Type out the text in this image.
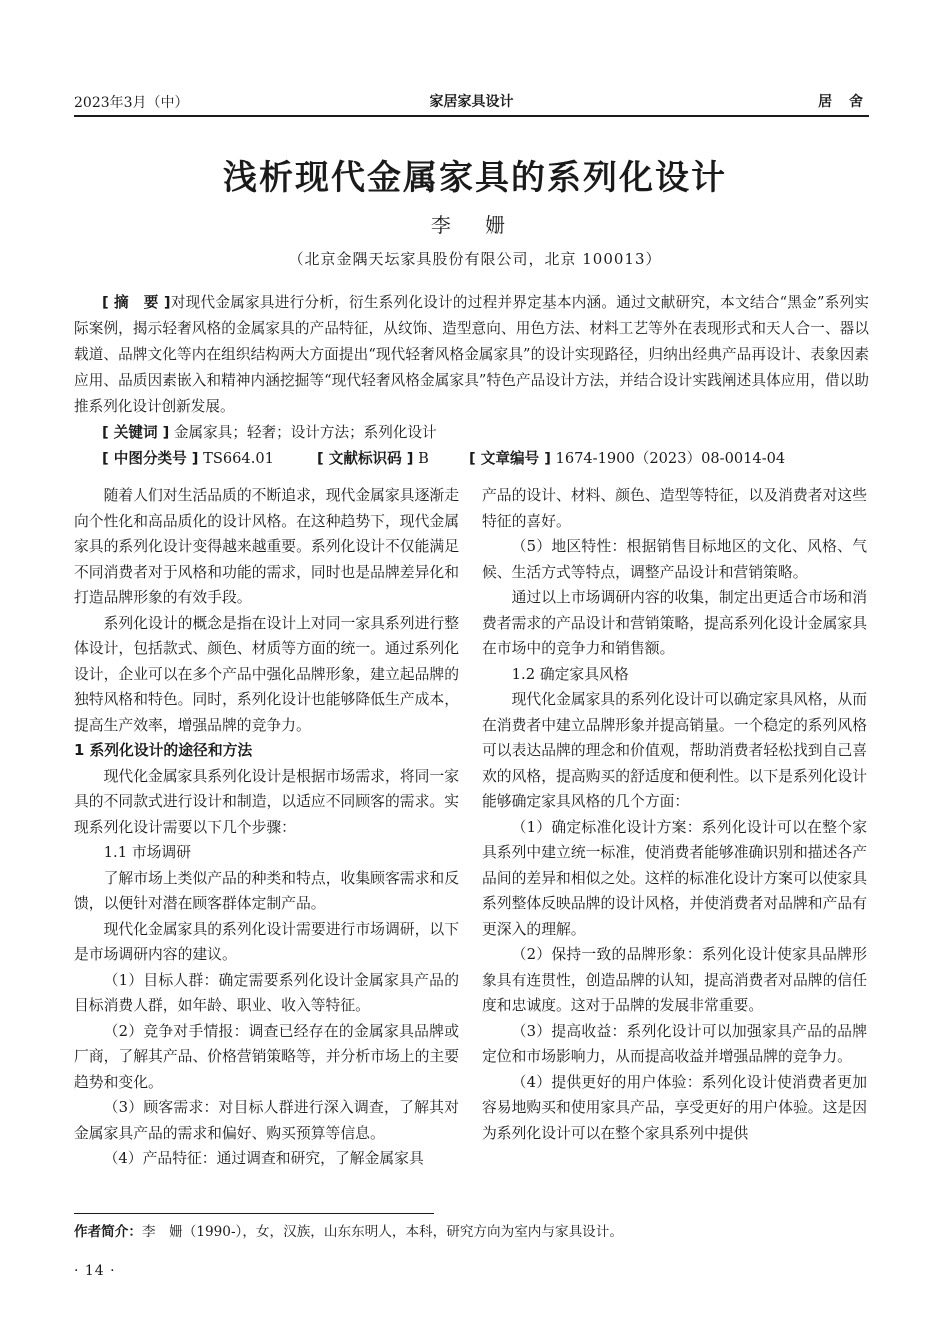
2023年3月（中）	家居家具设计	居 舍
浅析现代金属家具的系列化设计
李 姗
（北京金隅天坛家具股份有限公司，北京 100013）
[ 摘　要 ]对现代金属家具进行分析，衍生系列化设计的过程并界定基本内涵。通过文献研究，本文结合“黑金”系列实际案例，揭示轻奢风格的金属家具的产品特征，从纹饰、造型意向、用色方法、材料工艺等外在表现形式和天人合一、器以载道、品牌文化等内在组织结构两大方面提出“现代轻奢风格金属家具”的设计实现路径，归纳出经典产品再设计、表象因素应用、品质因素嵌入和精神内涵挖掘等“现代轻奢风格金属家具”特色产品设计方法，并结合设计实践阐述具体应用，借以助推系列化设计创新发展。
[ 关键词 ] 金属家具；轻奢；设计方法；系列化设计
[ 中图分类号 ] TS664.01	[ 文献标识码 ] B	[ 文章编号 ] 1674-1900（2023）08-0014-04

随着人们对生活品质的不断追求，现代金属家具逐渐走向个性化和高品质化的设计风格。在这种趋势下，现代金属家具的系列化设计变得越来越重要。系列化设计不仅能满足不同消费者对于风格和功能的需求，同时也是品牌差异化和打造品牌形象的有效手段。

系列化设计的概念是指在设计上对同一家具系列进行整体设计，包括款式、颜色、材质等方面的统一。通过系列化设计，企业可以在多个产品中强化品牌形象，建立起品牌的独特风格和特色。同时，系列化设计也能够降低生产成本，提高生产效率，增强品牌的竞争力。

1 系列化设计的途径和方法

现代化金属家具系列化设计是根据市场需求，将同一家具的不同款式进行设计和制造，以适应不同顾客的需求。实现系列化设计需要以下几个步骤：

1.1 市场调研

了解市场上类似产品的种类和特点，收集顾客需求和反馈，以便针对潜在顾客群体定制产品。

现代化金属家具的系列化设计需要进行市场调研，以下是市场调研内容的建议。

（1）目标人群：确定需要系列化设计金属家具产品的目标消费人群，如年龄、职业、收入等特征。

（2）竞争对手情报：调查已经存在的金属家具品牌或厂商，了解其产品、价格营销策略等，并分析市场上的主要趋势和变化。

（3）顾客需求：对目标人群进行深入调查，了解其对金属家具产品的需求和偏好、购买预算等信息。

（4）产品特征：通过调查和研究，了解金属家具

产品的设计、材料、颜色、造型等特征，以及消费者对这些特征的喜好。

（5）地区特性：根据销售目标地区的文化、风格、气候、生活方式等特点，调整产品设计和营销策略。

通过以上市场调研内容的收集，制定出更适合市场和消费者需求的产品设计和营销策略，提高系列化设计金属家具在市场中的竞争力和销售额。

1.2 确定家具风格

现代化金属家具的系列化设计可以确定家具风格，从而在消费者中建立品牌形象并提高销量。一个稳定的系列风格可以表达品牌的理念和价值观，帮助消费者轻松找到自己喜欢的风格，提高购买的舒适度和便利性。以下是系列化设计能够确定家具风格的几个方面：

（1）确定标准化设计方案：系列化设计可以在整个家具系列中建立统一标准，使消费者能够准确识别和描述各产品间的差异和相似之处。这样的标准化设计方案可以使家具系列整体反映品牌的设计风格，并使消费者对品牌和产品有更深入的理解。

（2）保持一致的品牌形象：系列化设计使家具品牌形象具有连贯性，创造品牌的认知，提高消费者对品牌的信任度和忠诚度。这对于品牌的发展非常重要。

（3）提高收益：系列化设计可以加强家具产品的品牌定位和市场影响力，从而提高收益并增强品牌的竞争力。

（4）提供更好的用户体验：系列化设计使消费者更加容易地购买和使用家具产品，享受更好的用户体验。这是因为系列化设计可以在整个家具系列中提供

作者简介：李　姗（1990-），女，汉族，山东东明人，本科，研究方向为室内与家具设计。
· 14 ·
